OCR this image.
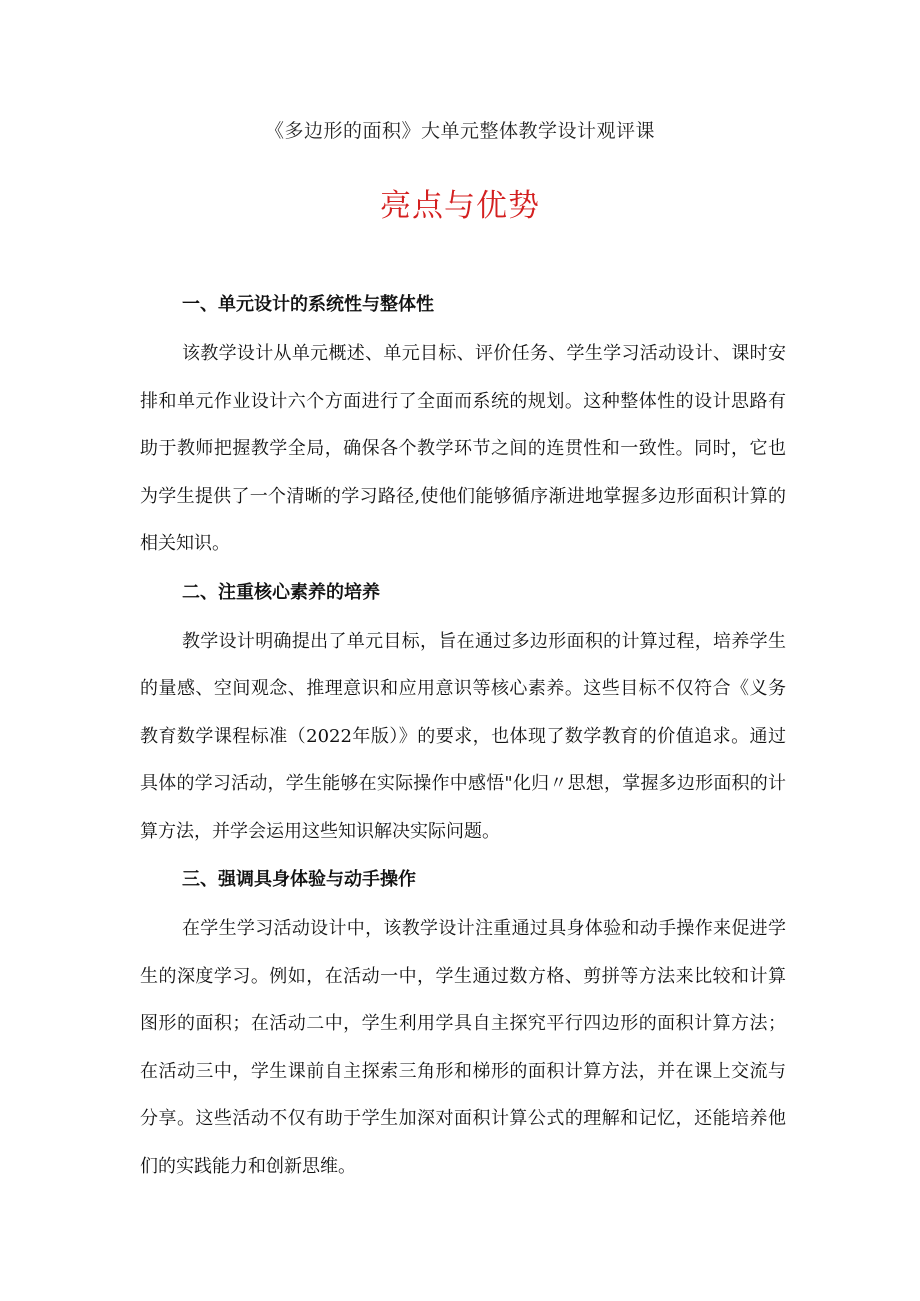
《多边形的面积》大单元整体教学设计观评课
亮点与优势
一、单元设计的系统性与整体性

该教学设计从单元概述、单元目标、评价任务、学生学习活动设计、课时安排和单元作业设计六个方面进行了全面而系统的规划。这种整体性的设计思路有助于教师把握教学全局，确保各个教学环节之间的连贯性和一致性。同时，它也为学生提供了一个清晰的学习路径,使他们能够循序渐进地掌握多边形面积计算的相关知识。

二、注重核心素养的培养

教学设计明确提出了单元目标，旨在通过多边形面积的计算过程，培养学生的量感、空间观念、推理意识和应用意识等核心素养。这些目标不仅符合《义务教育数学课程标准（2022年版）》的要求，也体现了数学教育的价值追求。通过具体的学习活动，学生能够在实际操作中感悟"化归〃思想，掌握多边形面积的计算方法，并学会运用这些知识解决实际问题。

三、强调具身体验与动手操作

在学生学习活动设计中，该教学设计注重通过具身体验和动手操作来促进学生的深度学习。例如，在活动一中，学生通过数方格、剪拼等方法来比较和计算图形的面积；在活动二中，学生利用学具自主探究平行四边形的面积计算方法；在活动三中，学生课前自主探索三角形和梯形的面积计算方法，并在课上交流与分享。这些活动不仅有助于学生加深对面积计算公式的理解和记忆，还能培养他们的实践能力和创新思维。
